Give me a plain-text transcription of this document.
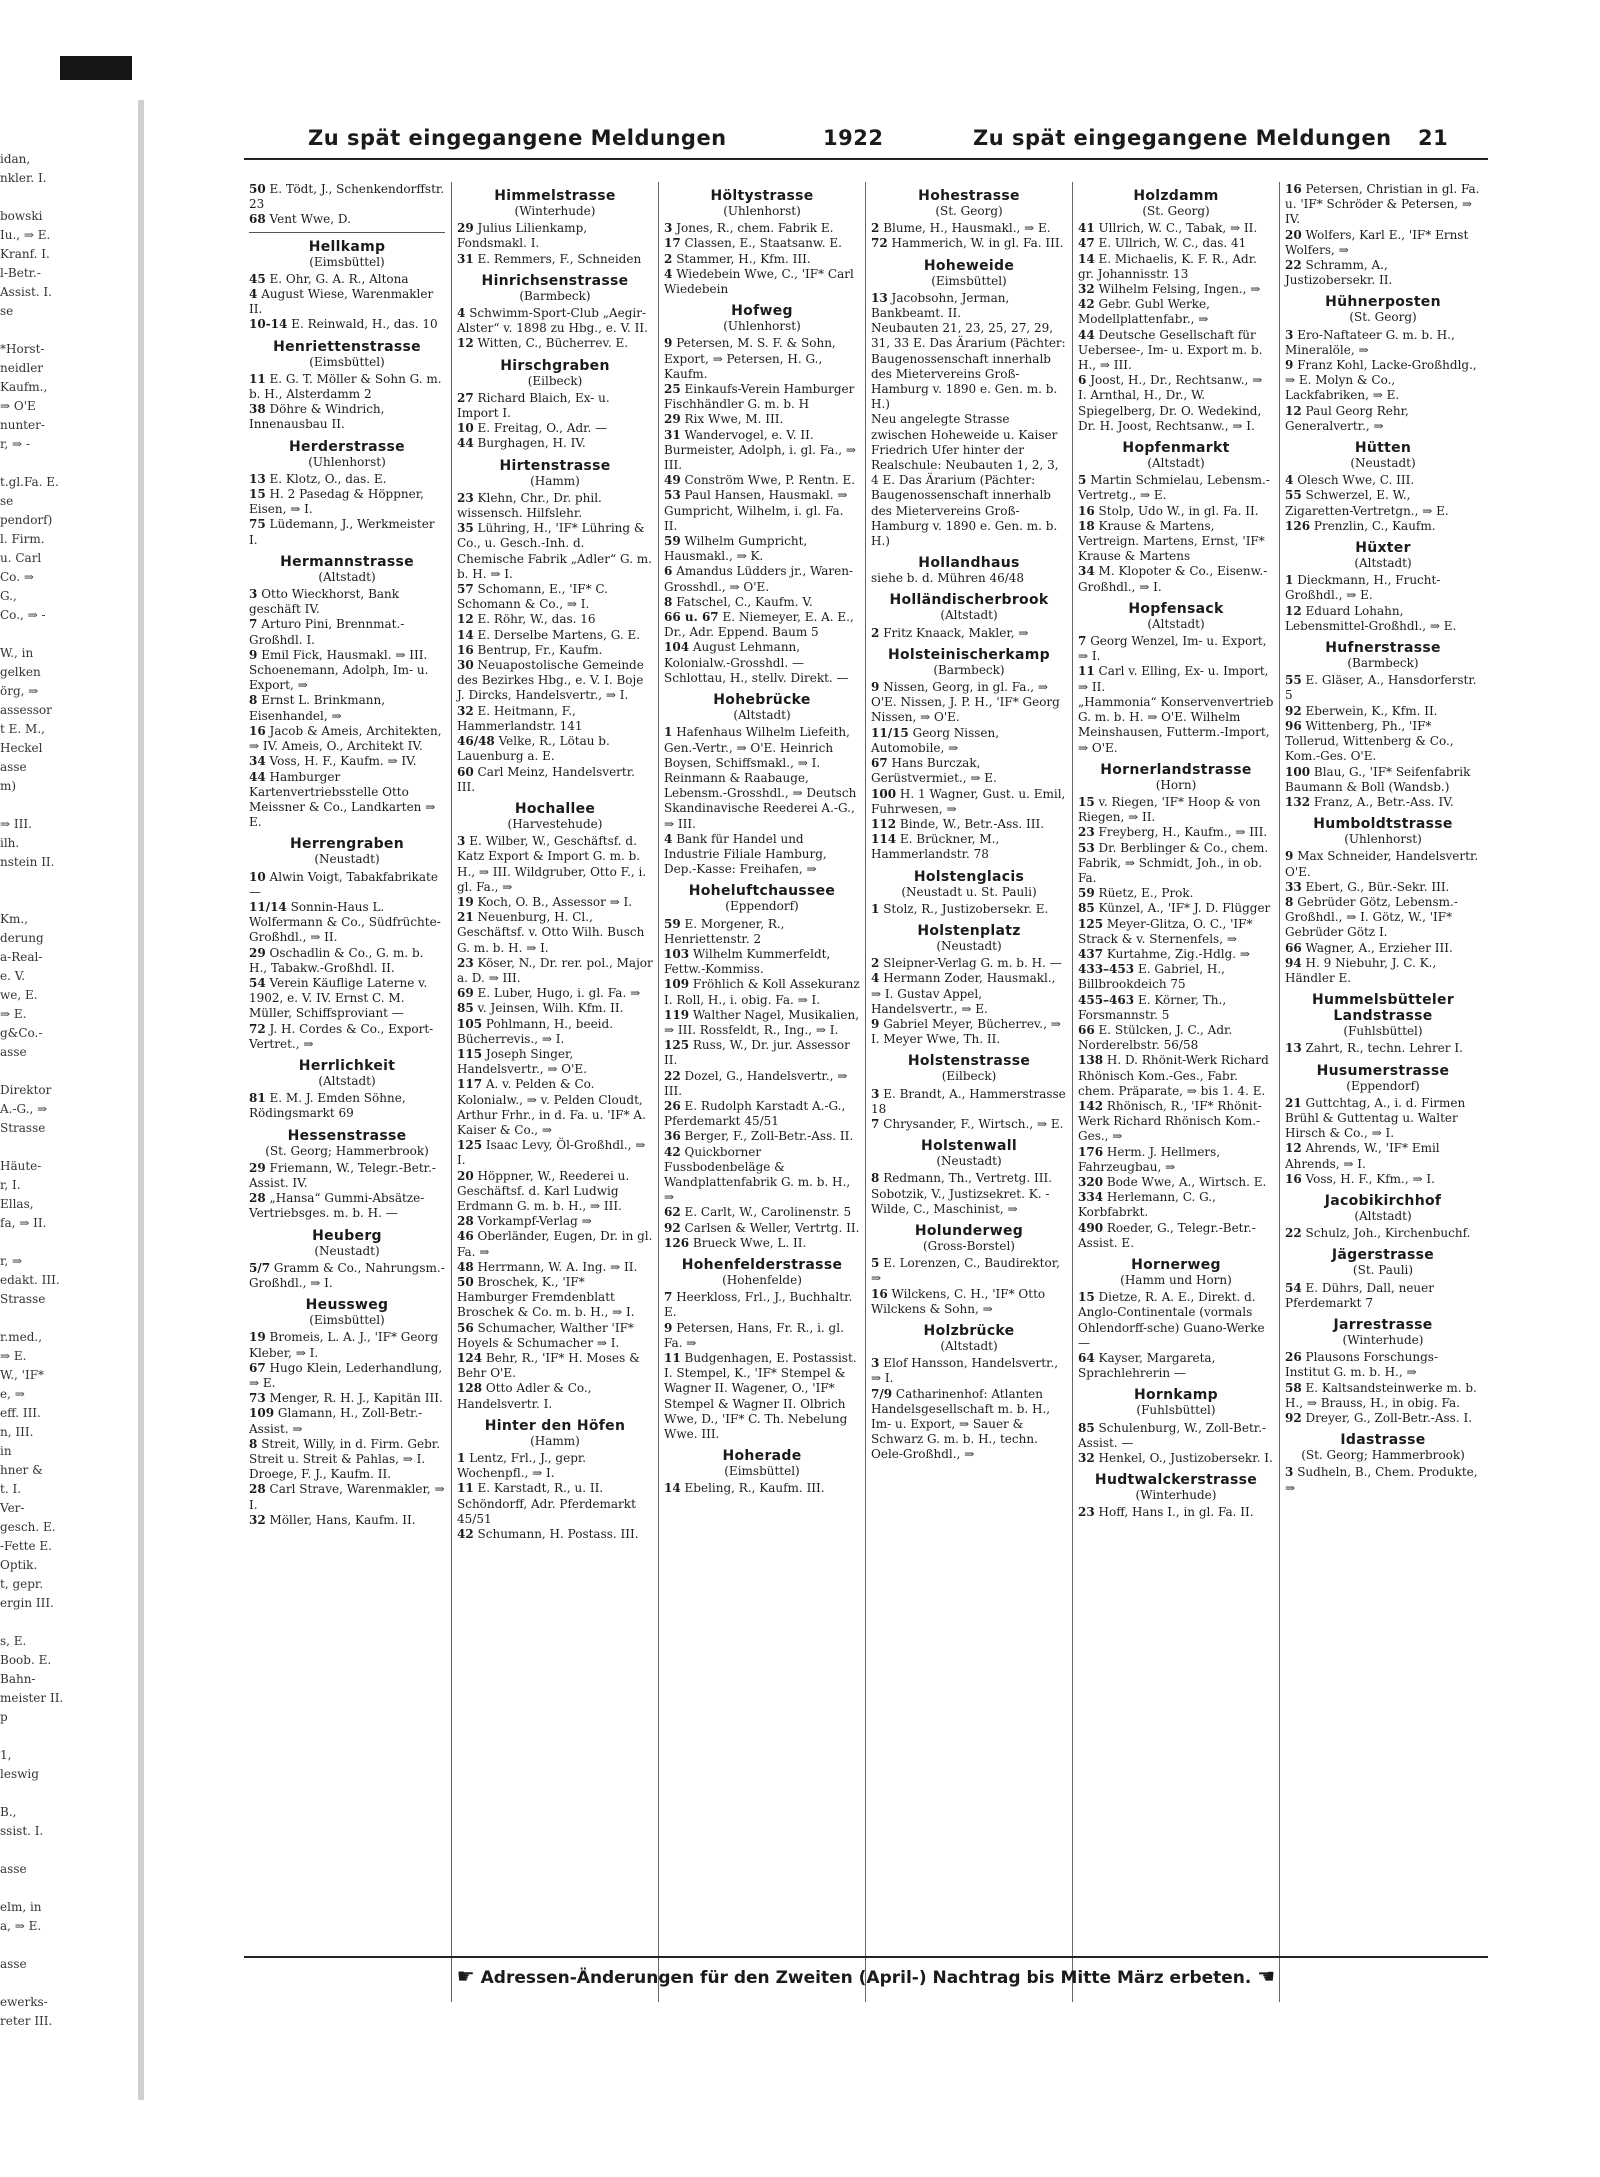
idan,
nkler. I.

bowski
Iu., ⇒ E.
Kranf. I.
l-Betr.-
Assist. I.
se

*Horst-
neidler
Kaufm.,
⇒ O'E
nunter-
r, ⇒ -

t.gl.Fa. E.
se
pendorf)
l. Firm.
u. Carl
Co. ⇒
G.,
Co., ⇒ -

W., in
gelken
örg, ⇒
assessor
t E. M.,
Heckel
asse
m)

⇒ III.
ilh.
nstein II.

Km.,
derung
a-Real-
e. V.
we, E.
⇒ E.
g&Co.-
asse

Direktor
A.-G., ⇒
Strasse

Häute-
r, I.
Ellas,
fa, ⇒ II.

r, ⇒
edakt. III.
Strasse

r.med.,
⇒ E.
W., 'IF*
e, ⇒
eff. III.
n, III.
in
hner &
t. I.
Ver-
gesch. E.
-Fette E.
Optik.
t, gepr.
ergin III.

s, E.
Boob. E.
Bahn-
meister II.
p

1,
leswig

B.,
ssist. I.

asse

elm, in
a, ⇒ E.

asse

ewerks-
reter III.
Zu spät eingegangene Meldungen	1922	Zu spät eingegangene Meldungen 21

50 E. Tödt, J., Schenkendorffstr. 23

68 Vent Wwe, D.

Hellkamp
(Eimsbüttel)

45 E. Ohr, G. A. R., Altona

4 August Wiese, Warenmakler II.

10-14 E. Reinwald, H., das. 10

Henriettenstrasse
(Eimsbüttel)

11 E. G. T. Möller & Sohn G. m. b. H., Alsterdamm 2

38 Döhre & Windrich, Innenausbau II.

Herderstrasse
(Uhlenhorst)

13 E. Klotz, O., das. E.

15 H. 2 Pasedag & Höppner, Eisen, ⇒ I.

75 Lüdemann, J., Werkmeister I.

Hermannstrasse
(Altstadt)

3 Otto Wieckhorst, Bank geschäft IV.

7 Arturo Pini, Brennmat.-Großhdl. I.

9 Emil Fick, Hausmakl. ⇒ III. Schoenemann, Adolph, Im- u. Export, ⇒

8 Ernst L. Brinkmann, Eisenhandel, ⇒

16 Jacob & Ameis, Architekten, ⇒ IV. Ameis, O., Architekt IV.

34 Voss, H. F., Kaufm. ⇒ IV.

44 Hamburger Kartenvertriebsstelle Otto Meissner & Co., Landkarten ⇒ E.

Herrengraben
(Neustadt)

10 Alwin Voigt, Tabakfabrikate —

11/14 Sonnin-Haus L. Wolfermann & Co., Südfrüchte-Großhdl., ⇒ II.

29 Oschadlin & Co., G. m. b. H., Tabakw.-Großhdl. II.

54 Verein Käuflige Laterne v. 1902, e. V. IV. Ernst C. M. Müller, Schiffsproviant —

72 J. H. Cordes & Co., Export-Vertret., ⇒

Herrlichkeit
(Altstadt)

81 E. M. J. Emden Söhne, Rödingsmarkt 69

Hessenstrasse
(St. Georg; Hammerbrook)

29 Friemann, W., Telegr.-Betr.-Assist. IV.

28 „Hansa“ Gummi-Absätze-Vertriebsges. m. b. H. —

Heuberg
(Neustadt)

5/7 Gramm & Co., Nahrungsm.-Großhdl., ⇒ I.

Heussweg
(Eimsbüttel)

19 Bromeis, L. A. J., 'IF* Georg Kleber, ⇒ I.

67 Hugo Klein, Lederhandlung, ⇒ E.

73 Menger, R. H. J., Kapitän III.

109 Glamann, H., Zoll-Betr.-Assist. ⇒

8 Streit, Willy, in d. Firm. Gebr. Streit u. Streit & Pahlas, ⇒ I. Droege, F. J., Kaufm. II.

28 Carl Strave, Warenmakler, ⇒ I.

32 Möller, Hans, Kaufm. II.

Himmelstrasse
(Winterhude)

29 Julius Lilienkamp, Fondsmakl. I.

31 E. Remmers, F., Schneiden

Hinrichsenstrasse
(Barmbeck)

4 Schwimm-Sport-Club „Aegir-Alster“ v. 1898 zu Hbg., e. V. II.

12 Witten, C., Bücherrev. E.

Hirschgraben
(Eilbeck)

27 Richard Blaich, Ex- u. Import I.

10 E. Freitag, O., Adr. —

44 Burghagen, H. IV.

Hirtenstrasse
(Hamm)

23 Klehn, Chr., Dr. phil. wissensch. Hilfslehr.

35 Lühring, H., 'IF* Lühring & Co., u. Gesch.-Inh. d. Chemische Fabrik „Adler“ G. m. b. H. ⇒ I.

57 Schomann, E., 'IF* C. Schomann & Co., ⇒ I.

12 E. Röhr, W., das. 16

14 E. Derselbe Martens, G. E.

16 Bentrup, Fr., Kaufm.

30 Neuapostolische Gemeinde des Bezirkes Hbg., e. V. I. Boje J. Dircks, Handelsvertr., ⇒ I.

32 E. Heitmann, F., Hammerlandstr. 141

46/48 Velke, R., Lötau b. Lauenburg a. E.

60 Carl Meinz, Handelsvertr. III.

Hochallee
(Harvestehude)

3 E. Wilber, W., Geschäftsf. d. Katz Export & Import G. m. b. H., ⇒ III. Wildgruber, Otto F., i. gl. Fa., ⇒

19 Koch, O. B., Assessor ⇒ I.

21 Neuenburg, H. Cl., Geschäftsf. v. Otto Wilh. Busch G. m. b. H. ⇒ I.

23 Köser, N., Dr. rer. pol., Major a. D. ⇒ III.

69 E. Luber, Hugo, i. gl. Fa. ⇒

85 v. Jeinsen, Wilh. Kfm. II.

105 Pohlmann, H., beeid. Bücherrevis., ⇒ I.

115 Joseph Singer, Handelsvertr., ⇒ O'E.

117 A. v. Pelden & Co. Kolonialw., ⇒ v. Pelden Cloudt, Arthur Frhr., in d. Fa. u. 'IF* A. Kaiser & Co., ⇒

125 Isaac Levy, Öl-Großhdl., ⇒ I.

20 Höppner, W., Reederei u. Geschäftsf. d. Karl Ludwig Erdmann G. m. b. H., ⇒ III.

28 Vorkampf-Verlag ⇒

46 Oberländer, Eugen, Dr. in gl. Fa. ⇒

48 Herrmann, W. A. Ing. ⇒ II.

50 Broschek, K., 'IF* Hamburger Fremdenblatt Broschek & Co. m. b. H., ⇒ I.

56 Schumacher, Walther 'IF* Hoyels & Schumacher ⇒ I.

124 Behr, R., 'IF* H. Moses & Behr O'E.

128 Otto Adler & Co., Handelsvertr. I.

Hinter den Höfen
(Hamm)

1 Lentz, Frl., J., gepr. Wochenpfl., ⇒ I.

11 E. Karstadt, R., u. II. Schöndorff, Adr. Pferdemarkt 45/51

42 Schumann, H. Postass. III.

Höltystrasse
(Uhlenhorst)

3 Jones, R., chem. Fabrik E.

17 Classen, E., Staatsanw. E.

2 Stammer, H., Kfm. III.

4 Wiedebein Wwe, C., 'IF* Carl Wiedebein

Hofweg
(Uhlenhorst)

9 Petersen, M. S. F. & Sohn, Export, ⇒ Petersen, H. G., Kaufm.

25 Einkaufs-Verein Hamburger Fischhändler G. m. b. H

29 Rix Wwe, M. III.

31 Wandervogel, e. V. II. Burmeister, Adolph, i. gl. Fa., ⇒ III.

49 Conström Wwe, P. Rentn. E.

53 Paul Hansen, Hausmakl. ⇒ Gumpricht, Wilhelm, i. gl. Fa. II.

59 Wilhelm Gumpricht, Hausmakl., ⇒ K.

6 Amandus Lüdders jr., Waren-Grosshdl., ⇒ O'E.

8 Fatschel, C., Kaufm. V.

66 u. 67 E. Niemeyer, E. A. E., Dr., Adr. Eppend. Baum 5

104 August Lehmann, Kolonialw.-Grosshdl. — Schlottau, H., stellv. Direkt. —

Hohebrücke
(Altstadt)

1 Hafenhaus Wilhelm Liefeith, Gen.-Vertr., ⇒ O'E. Heinrich Boysen, Schiffsmakl., ⇒ I. Reinmann & Raabauge, Lebensm.-Grosshdl., ⇒ Deutsch Skandinavische Reederei A.-G., ⇒ III.

4 Bank für Handel und Industrie Filiale Hamburg, Dep.-Kasse: Freihafen, ⇒

Hoheluftchaussee
(Eppendorf)

59 E. Morgener, R., Henriettenstr. 2

103 Wilhelm Kummerfeldt, Fettw.-Kommiss.

109 Fröhlich & Koll Assekuranz I. Roll, H., i. obig. Fa. ⇒ I.

119 Walther Nagel, Musikalien, ⇒ III. Rossfeldt, R., Ing., ⇒ I.

125 Russ, W., Dr. jur. Assessor II.

22 Dozel, G., Handelsvertr., ⇒ III.

26 E. Rudolph Karstadt A.-G., Pferdemarkt 45/51

36 Berger, F., Zoll-Betr.-Ass. II.

42 Quickborner Fussbodenbeläge & Wandplattenfabrik G. m. b. H., ⇒

62 E. Carlt, W., Carolinenstr. 5

92 Carlsen & Weller, Vertrtg. II.

126 Brueck Wwe, L. II.

Hohenfelderstrasse
(Hohenfelde)

7 Heerkloss, Frl., J., Buchhaltr. E.

9 Petersen, Hans, Fr. R., i. gl. Fa. ⇒

11 Budgenhagen, E. Postassist. I. Stempel, K., 'IF* Stempel & Wagner II. Wagener, O., 'IF* Stempel & Wagner II. Olbrich Wwe, D., 'IF* C. Th. Nebelung Wwe. III.

Hoherade
(Eimsbüttel)

14 Ebeling, R., Kaufm. III.

Hohestrasse
(St. Georg)

2 Blume, H., Hausmakl., ⇒ E.

72 Hammerich, W. in gl. Fa. III.

Hoheweide
(Eimsbüttel)

13 Jacobsohn, Jerman, Bankbeamt. II.

Neubauten 21, 23, 25, 27, 29, 31, 33 E. Das Ärarium (Pächter: Baugenossenschaft innerhalb des Mietervereins Groß-Hamburg v. 1890 e. Gen. m. b. H.)

Neu angelegte Strasse zwischen Hoheweide u. Kaiser Friedrich Ufer hinter der Realschule: Neubauten 1, 2, 3, 4 E. Das Ärarium (Pächter: Baugenossenschaft innerhalb des Mietervereins Groß-Hamburg v. 1890 e. Gen. m. b. H.)

Hollandhaus

siehe b. d. Mühren 46/48

Holländischerbrook
(Altstadt)

2 Fritz Knaack, Makler, ⇒

Holsteinischerkamp
(Barmbeck)

9 Nissen, Georg, in gl. Fa., ⇒ O'E. Nissen, J. P. H., 'IF* Georg Nissen, ⇒ O'E.

11/15 Georg Nissen, Automobile, ⇒

67 Hans Burczak, Gerüstvermiet., ⇒ E.

100 H. 1 Wagner, Gust. u. Emil, Fuhrwesen, ⇒

112 Binde, W., Betr.-Ass. III.

114 E. Brückner, M., Hammerlandstr. 78

Holstenglacis
(Neustadt u. St. Pauli)

1 Stolz, R., Justizobersekr. E.

Holstenplatz
(Neustadt)

2 Sleipner-Verlag G. m. b. H. —

4 Hermann Zoder, Hausmakl., ⇒ I. Gustav Appel, Handelsvertr., ⇒ E.

9 Gabriel Meyer, Bücherrev., ⇒ I. Meyer Wwe, Th. II.

Holstenstrasse
(Eilbeck)

3 E. Brandt, A., Hammerstrasse 18

7 Chrysander, F., Wirtsch., ⇒ E.

Holstenwall
(Neustadt)

8 Redmann, Th., Vertretg. III. Sobotzik, V., Justizsekret. K. - Wilde, C., Maschinist, ⇒

Holunderweg
(Gross-Borstel)

5 E. Lorenzen, C., Baudirektor, ⇒

16 Wilckens, C. H., 'IF* Otto Wilckens & Sohn, ⇒

Holzbrücke
(Altstadt)

3 Elof Hansson, Handelsvertr., ⇒ I.

7/9 Catharinenhof: Atlanten Handelsgesellschaft m. b. H., Im- u. Export, ⇒ Sauer & Schwarz G. m. b. H., techn. Oele-Großhdl., ⇒

Holzdamm
(St. Georg)

41 Ullrich, W. C., Tabak, ⇒ II.

47 E. Ullrich, W. C., das. 41

14 E. Michaelis, K. F. R., Adr. gr. Johannisstr. 13

32 Wilhelm Felsing, Ingen., ⇒

42 Gebr. Gubl Werke, Modellplattenfabr., ⇒

44 Deutsche Gesellschaft für Uebersee-, Im- u. Export m. b. H., ⇒ III.

6 Joost, H., Dr., Rechtsanw., ⇒ I. Arnthal, H., Dr., W. Spiegelberg, Dr. O. Wedekind, Dr. H. Joost, Rechtsanw., ⇒ I.

Hopfenmarkt
(Altstadt)

5 Martin Schmielau, Lebensm.-Vertretg., ⇒ E.

16 Stolp, Udo W., in gl. Fa. II.

18 Krause & Martens, Vertreign. Martens, Ernst, 'IF* Krause & Martens

34 M. Klopoter & Co., Eisenw.-Großhdl., ⇒ I.

Hopfensack
(Altstadt)

7 Georg Wenzel, Im- u. Export, ⇒ I.

11 Carl v. Elling, Ex- u. Import, ⇒ II.

„Hammonia“ Konservenvertrieb G. m. b. H. ⇒ O'E. Wilhelm Meinshausen, Futterm.-Import, ⇒ O'E.

Hornerlandstrasse
(Horn)

15 v. Riegen, 'IF* Hoop & von Riegen, ⇒ II.

23 Freyberg, H., Kaufm., ⇒ III.

53 Dr. Berblinger & Co., chem. Fabrik, ⇒ Schmidt, Joh., in ob. Fa.

59 Rüetz, E., Prok.

85 Künzel, A., 'IF* J. D. Flügger

125 Meyer-Glitza, O. C., 'IF* Strack & v. Sternenfels, ⇒

437 Kurtahme, Zig.-Hdlg. ⇒

433–453 E. Gabriel, H., Billbrookdeich 75

455–463 E. Körner, Th., Forsmannstr. 5

66 E. Stülcken, J. C., Adr. Norderelbstr. 56/58

138 H. D. Rhönit-Werk Richard Rhönisch Kom.-Ges., Fabr. chem. Präparate, ⇒ bis 1. 4. E.

142 Rhönisch, R., 'IF* Rhönit-Werk Richard Rhönisch Kom.-Ges., ⇒

176 Herm. J. Hellmers, Fahrzeugbau, ⇒

320 Bode Wwe, A., Wirtsch. E.

334 Herlemann, C. G., Korbfabrkt.

490 Roeder, G., Telegr.-Betr.-Assist. E.

Hornerweg
(Hamm und Horn)

15 Dietze, R. A. E., Direkt. d. Anglo-Continentale (vormals Ohlendorff-sche) Guano-Werke —

64 Kayser, Margareta, Sprachlehrerin —

Hornkamp
(Fuhlsbüttel)

85 Schulenburg, W., Zoll-Betr.-Assist. —

32 Henkel, O., Justizobersekr. I.

Hudtwalckerstrasse
(Winterhude)

23 Hoff, Hans I., in gl. Fa. II.

16 Petersen, Christian in gl. Fa. u. 'IF* Schröder & Petersen, ⇒ IV.

20 Wolfers, Karl E., 'IF* Ernst Wolfers, ⇒

22 Schramm, A., Justizobersekr. II.

Hühnerposten
(St. Georg)

3 Ero-Naftateer G. m. b. H., Mineralöle, ⇒

9 Franz Kohl, Lacke-Großhdlg., ⇒ E. Molyn & Co., Lackfabriken, ⇒ E.

12 Paul Georg Rehr, Generalvertr., ⇒

Hütten
(Neustadt)

4 Olesch Wwe, C. III.

55 Schwerzel, E. W., Zigaretten-Vertretgn., ⇒ E.

126 Prenzlin, C., Kaufm.

Hüxter
(Altstadt)

1 Dieckmann, H., Frucht-Großhdl., ⇒ E.

12 Eduard Lohahn, Lebensmittel-Großhdl., ⇒ E.

Hufnerstrasse
(Barmbeck)

55 E. Gläser, A., Hansdorferstr. 5

92 Eberwein, K., Kfm. II.

96 Wittenberg, Ph., 'IF* Tollerud, Wittenberg & Co., Kom.-Ges. O'E.

100 Blau, G., 'IF* Seifenfabrik Baumann & Boll (Wandsb.)

132 Franz, A., Betr.-Ass. IV.

Humboldtstrasse
(Uhlenhorst)

9 Max Schneider, Handelsvertr. O'E.

33 Ebert, G., Bür.-Sekr. III.

8 Gebrüder Götz, Lebensm.-Großhdl., ⇒ I. Götz, W., 'IF* Gebrüder Götz I.

66 Wagner, A., Erzieher III.

94 H. 9 Niebuhr, J. C. K., Händler E.

Hummelsbütteler Landstrasse
(Fuhlsbüttel)

13 Zahrt, R., techn. Lehrer I.

Husumerstrasse
(Eppendorf)

21 Guttchtag, A., i. d. Firmen Brühl & Guttentag u. Walter Hirsch & Co., ⇒ I.

12 Ahrends, W., 'IF* Emil Ahrends, ⇒ I.

16 Voss, H. F., Kfm., ⇒ I.

Jacobikirchhof
(Altstadt)

22 Schulz, Joh., Kirchenbuchf.

Jägerstrasse
(St. Pauli)

54 E. Dührs, Dall, neuer Pferdemarkt 7

Jarrestrasse
(Winterhude)

26 Plausons Forschungs-Institut G. m. b. H., ⇒

58 E. Kaltsandsteinwerke m. b. H., ⇒ Brauss, H., in obig. Fa.

92 Dreyer, G., Zoll-Betr.-Ass. I.

Idastrasse
(St. Georg; Hammerbrook)

3 Sudheln, B., Chem. Produkte, ⇒

☛ Adressen-Änderungen für den Zweiten (April-) Nachtrag bis Mitte März erbeten. ☚
